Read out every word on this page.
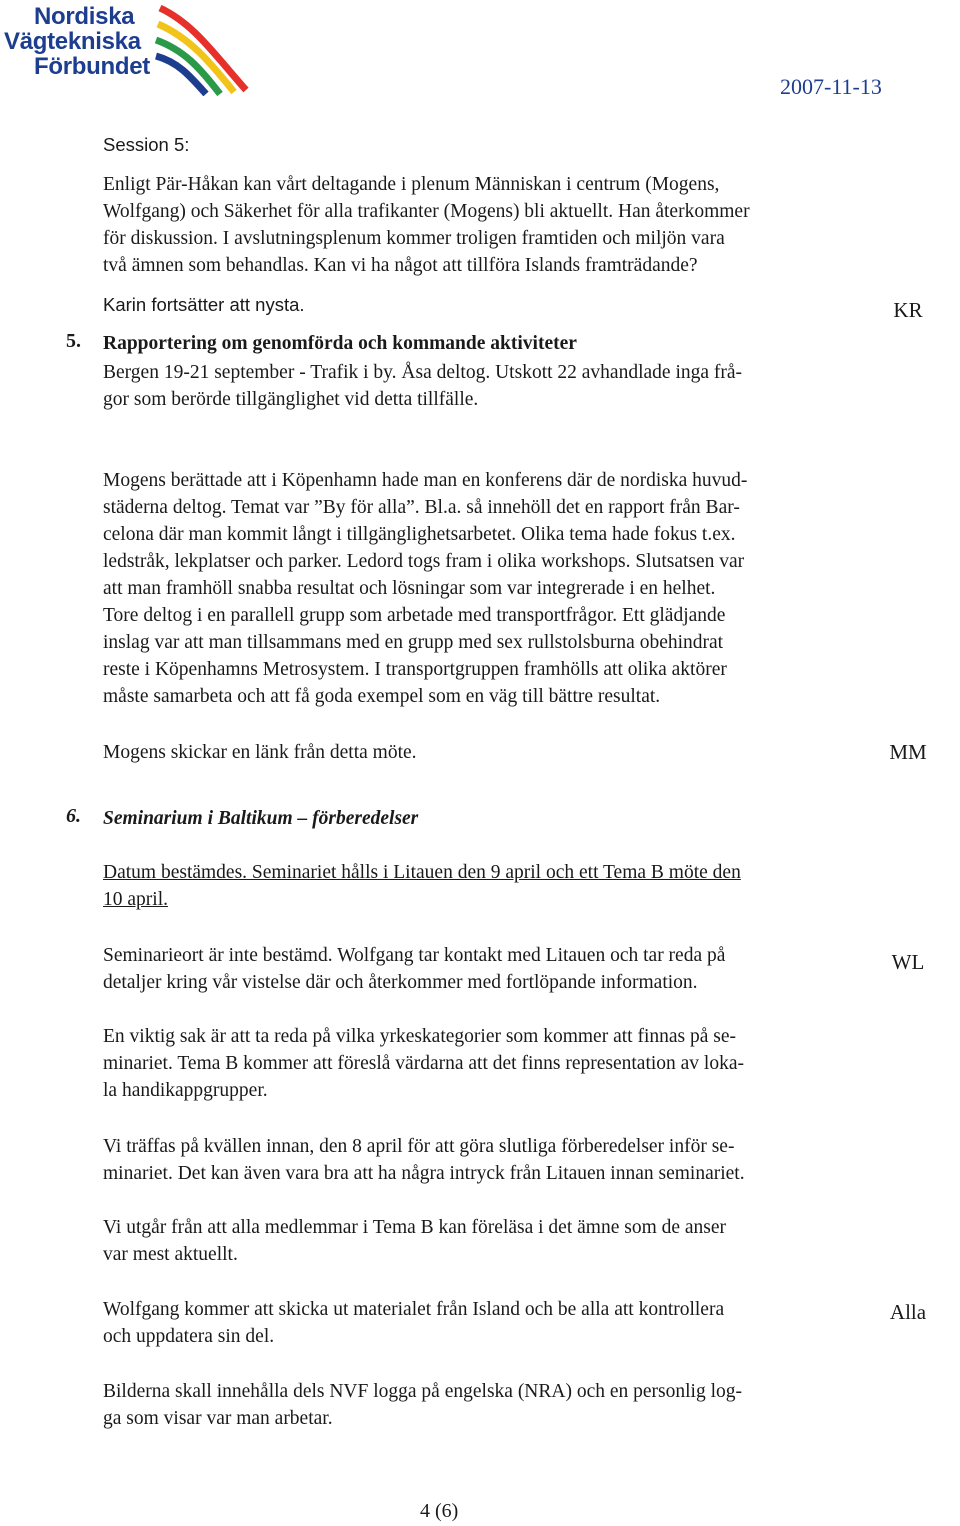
Nordiska
Vägtekniska
Förbundet
2007-11-13
Session 5:
Enligt Pär-Håkan kan vårt deltagande i plenum Människan i centrum (Mogens,
Wolfgang) och Säkerhet för alla trafikanter (Mogens) bli aktuellt. Han återkommer
för diskussion. I avslutningsplenum kommer troligen framtiden och miljön vara
två ämnen som behandlas. Kan vi ha något att tillföra Islands framträdande?
Karin fortsätter att nysta.
5. Rapportering om genomförda och kommande aktiviteter
KR
Bergen 19-21 september - Trafik i by. Åsa deltog. Utskott 22 avhandlade inga frå-
gor som berörde tillgänglighet vid detta tillfälle.
Mogens berättade att i Köpenhamn hade man en konferens där de nordiska huvud-
städerna deltog. Temat var ”By för alla”. Bl.a. så innehöll det en rapport från Bar-
celona där man kommit långt i tillgänglighetsarbetet. Olika tema hade fokus t.ex.
ledstråk, lekplatser och parker. Ledord togs fram i olika workshops. Slutsatsen var
att man framhöll snabba resultat och lösningar som var integrerade i en helhet.
Tore deltog i en parallell grupp som arbetade med transportfrågor. Ett glädjande
inslag var att man tillsammans med en grupp med sex rullstolsburna obehindrat
reste i Köpenhamns Metrosystem. I transportgruppen framhölls att olika aktörer
måste samarbeta och att få goda exempel som en väg till bättre resultat.
Mogens skickar en länk från detta möte.	MM
6. Seminarium i Baltikum – förberedelser
Datum bestämdes. Seminariet hålls i Litauen den 9 april och ett Tema B möte den
10 april.
Seminarieort är inte bestämd. Wolfgang tar kontakt med Litauen och tar reda på
detaljer kring vår vistelse där och återkommer med fortlöpande information.
WL
En viktig sak är att ta reda på vilka yrkeskategorier som kommer att finnas på se-
minariet. Tema B kommer att föreslå värdarna att det finns representation av loka-
la handikappgrupper.
Vi träffas på kvällen innan, den 8 april för att göra slutliga förberedelser inför se-
minariet. Det kan även vara bra att ha några intryck från Litauen innan seminariet.
Vi utgår från att alla medlemmar i Tema B kan föreläsa i det ämne som de anser
var mest aktuellt.
Wolfgang kommer att skicka ut materialet från Island och be alla att kontrollera
och uppdatera sin del.
Alla
Bilderna skall innehålla dels NVF logga på engelska (NRA) och en personlig log-
ga som visar var man arbetar.
4 (6)
